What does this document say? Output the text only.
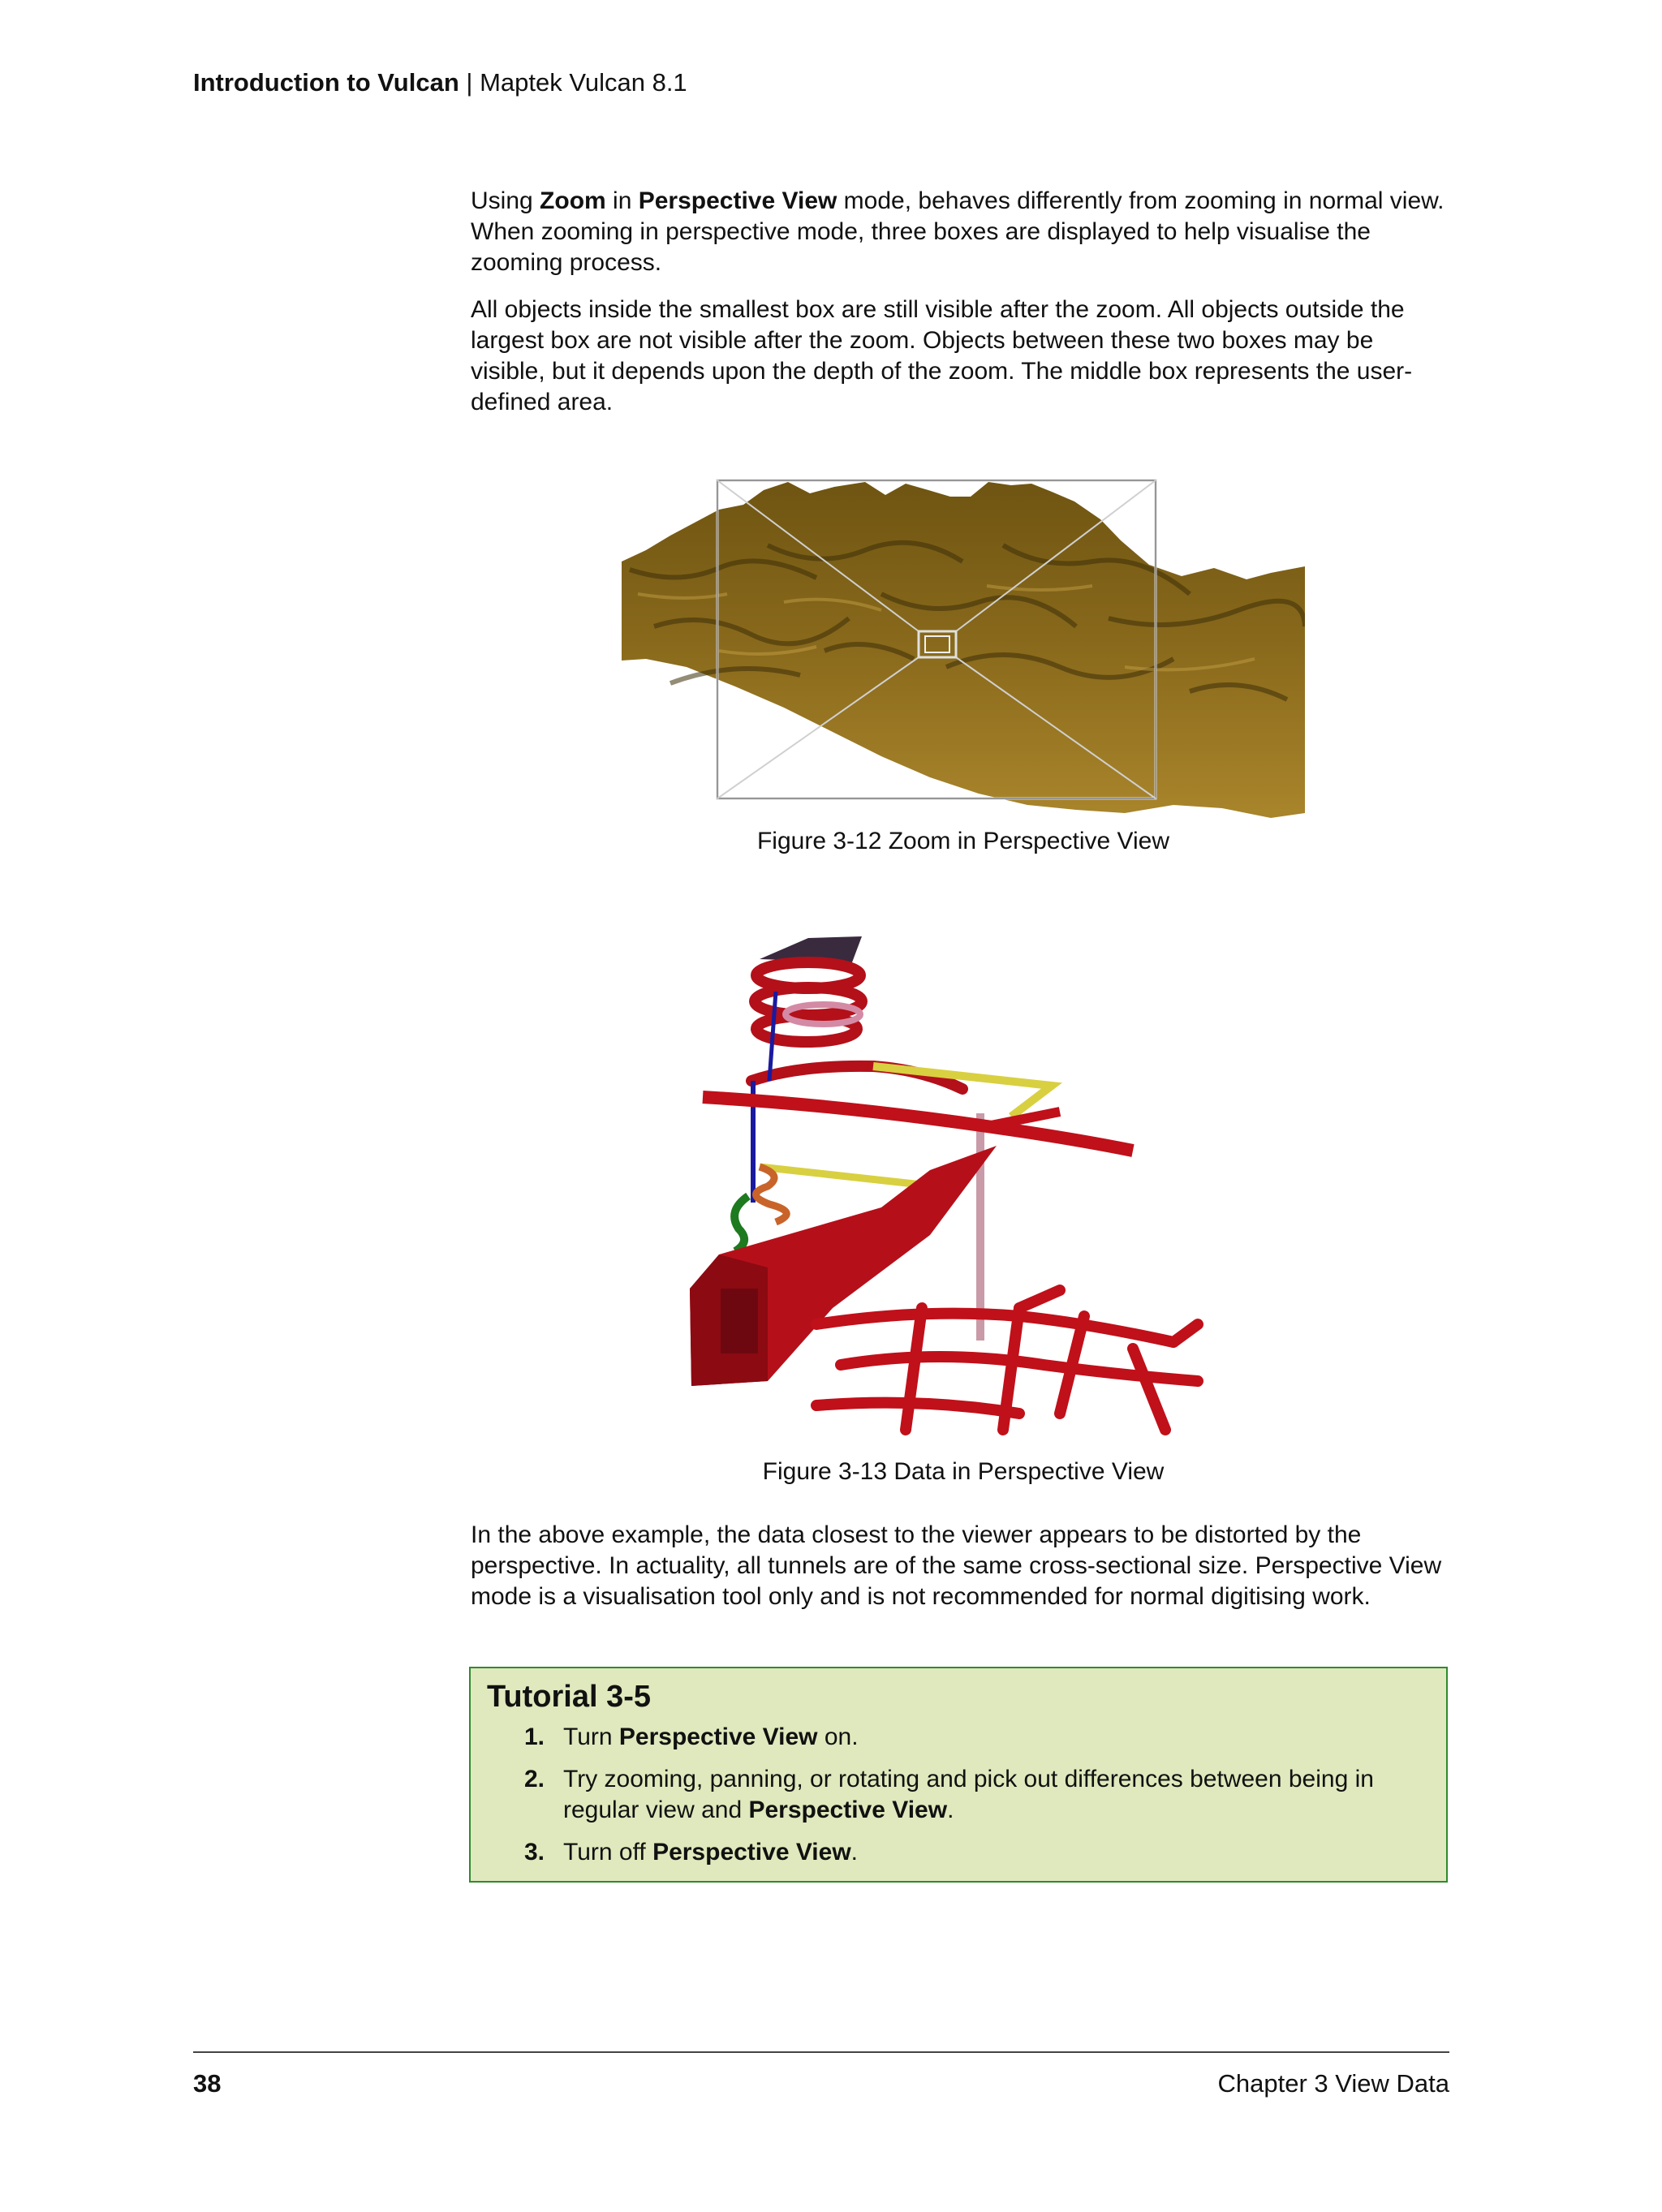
Introduction to Vulcan | Maptek Vulcan 8.1
Using Zoom in Perspective View mode, behaves differently from zooming in normal view. When zooming in perspective mode, three boxes are displayed to help visualise the zooming process.
All objects inside the smallest box are still visible after the zoom. All objects outside the largest box are not visible after the zoom. Objects between these two boxes may be visible, but it depends upon the depth of the zoom. The middle box represents the user-defined area.
Figure 3-12 Zoom in Perspective View
Figure 3-13 Data in Perspective View
In the above example, the data closest to the viewer appears to be distorted by the perspective. In actuality, all tunnels are of the same cross-sectional size. Perspective View mode is a visualisation tool only and is not recommended for normal digitising work.
Tutorial 3-5
1. Turn Perspective View on.
2. Try zooming, panning, or rotating and pick out differences between being in regular view and Perspective View.
3. Turn off Perspective View.
38	Chapter 3 View Data
